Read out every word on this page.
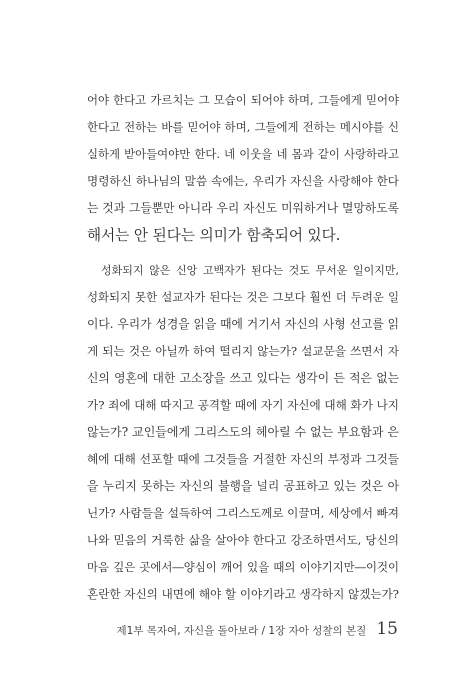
어야 한다고 가르치는 그 모습이 되어야 하며, 그들에게 믿어야
한다고 전하는 바를 믿어야 하며, 그들에게 전하는 메시야를 신
실하게 받아들여야만 한다. 네 이웃을 네 몸과 같이 사랑하라고
명령하신 하나님의 말씀 속에는, 우리가 자신을 사랑해야 한다
는 것과 그들뿐만 아니라 우리 자신도 미워하거나 멸망하도록
해서는 안 된다는 의미가 함축되어 있다.

성화되지 않은 신앙 고백자가 된다는 것도 무서운 일이지만,
성화되지 못한 설교자가 된다는 것은 그보다 훨씬 더 두려운 일
이다. 우리가 성경을 읽을 때에 거기서 자신의 사형 선고를 읽
게 되는 것은 아닐까 하여 떨리지 않는가? 설교문을 쓰면서 자
신의 영혼에 대한 고소장을 쓰고 있다는 생각이 든 적은 없는
가? 죄에 대해 따지고 공격할 때에 자기 자신에 대해 화가 나지
않는가? 교인들에게 그리스도의 헤아릴 수 없는 부요함과 은
혜에 대해 선포할 때에 그것들을 거절한 자신의 부정과 그것들
을 누리지 못하는 자신의 불행을 널리 공표하고 있는 것은 아
닌가? 사람들을 설득하여 그리스도께로 이끌며, 세상에서 빠져
나와 믿음의 거룩한 삶을 살아야 한다고 강조하면서도, 당신의
마음 깊은 곳에서―양심이 깨어 있을 때의 이야기지만―이것이
혼란한 자신의 내면에 해야 할 이야기라고 생각하지 않겠는가?

제1부 목자여, 자신을 돌아보라 / 1장 자아 성찰의 본질 15
